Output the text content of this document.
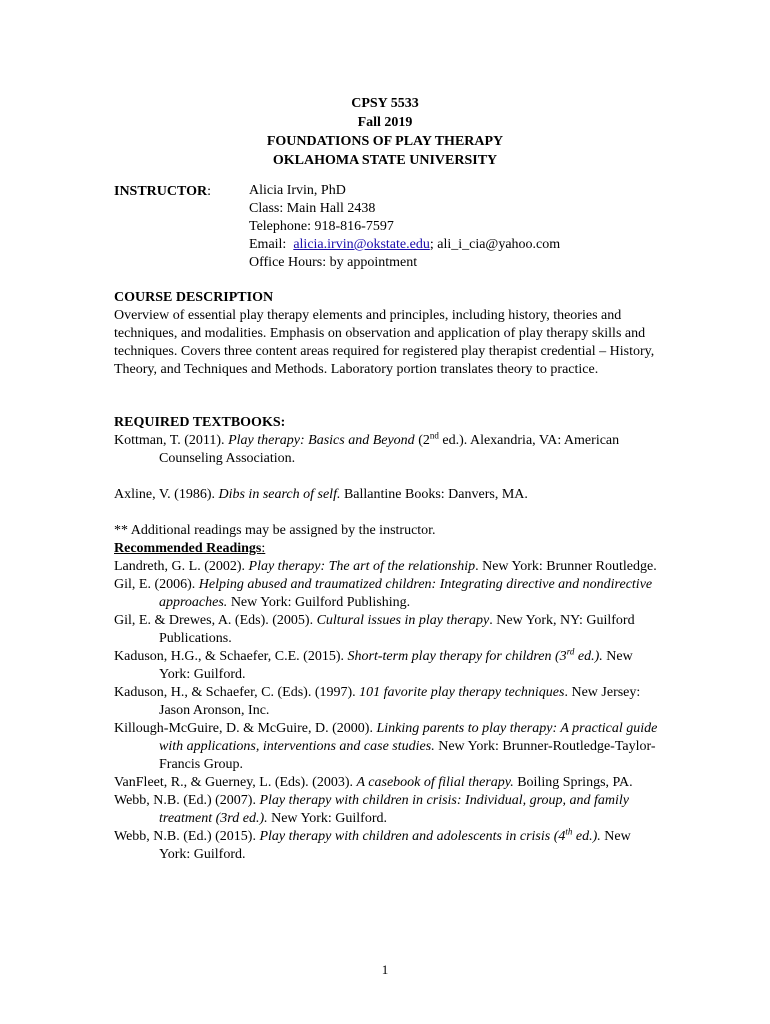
CPSY 5533
Fall 2019
FOUNDATIONS OF PLAY THERAPY
OKLAHOMA STATE UNIVERSITY
INSTRUCTOR:	Alicia Irvin, PhD
Class: Main Hall 2438
Telephone: 918-816-7597
Email:  alicia.irvin@okstate.edu; ali_i_cia@yahoo.com
Office Hours: by appointment
COURSE DESCRIPTION
Overview of essential play therapy elements and principles, including history, theories and techniques, and modalities. Emphasis on observation and application of play therapy skills and techniques. Covers three content areas required for registered play therapist credential – History, Theory, and Techniques and Methods. Laboratory portion translates theory to practice.
REQUIRED TEXTBOOKS:
Kottman, T. (2011). Play therapy: Basics and Beyond (2nd ed.). Alexandria, VA: American Counseling Association.
Axline, V. (1986). Dibs in search of self. Ballantine Books: Danvers, MA.
** Additional readings may be assigned by the instructor.
Recommended Readings:
Landreth, G. L. (2002). Play therapy: The art of the relationship. New York: Brunner Routledge.
Gil, E. (2006). Helping abused and traumatized children: Integrating directive and nondirective approaches. New York: Guilford Publishing.
Gil, E. & Drewes, A. (Eds). (2005). Cultural issues in play therapy. New York, NY: Guilford Publications.
Kaduson, H.G., & Schaefer, C.E. (2015). Short-term play therapy for children (3rd ed.). New York: Guilford.
Kaduson, H., & Schaefer, C. (Eds). (1997). 101 favorite play therapy techniques. New Jersey: Jason Aronson, Inc.
Killough-McGuire, D. & McGuire, D. (2000). Linking parents to play therapy: A practical guide with applications, interventions and case studies. New York: Brunner-Routledge-Taylor-Francis Group.
VanFleet, R., & Guerney, L. (Eds). (2003). A casebook of filial therapy. Boiling Springs, PA.
Webb, N.B. (Ed.) (2007). Play therapy with children in crisis: Individual, group, and family treatment (3rd ed.). New York: Guilford.
Webb, N.B. (Ed.) (2015). Play therapy with children and adolescents in crisis (4th ed.). New York: Guilford.
1
